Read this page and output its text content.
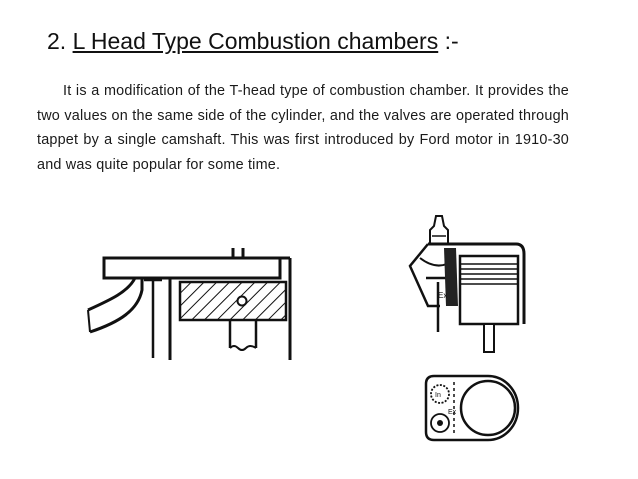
2. L Head Type Combustion chambers :-
It is a modification of the T-head type of combustion chamber. It provides the two values on the same side of the cylinder, and the valves are operated through tappet by a single camshaft. This was first introduced by Ford motor in 1910-30 and was quite popular for some time.
Ex
In
Ex
